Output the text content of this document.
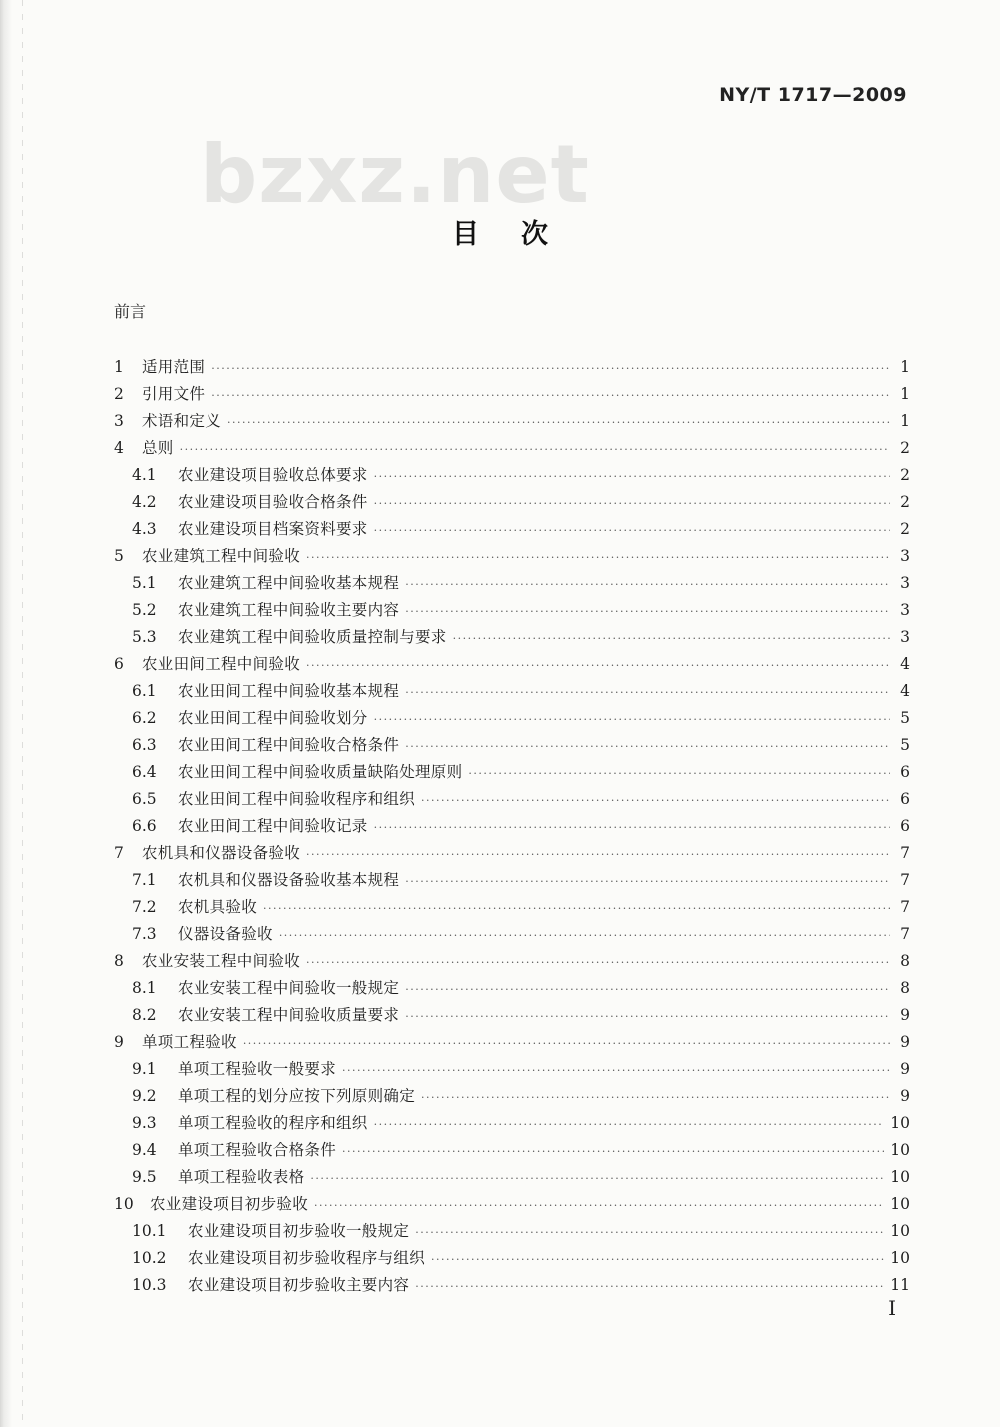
NY/T 1717—2009
bzxz.net
目次
前言
1	适用范围 ·····	1
2	引用文件 ·····	1
3	术语和定义 ·····	1
4	总则 ·····	2
4.1	农业建设项目验收总体要求 ·····	2
4.2	农业建设项目验收合格条件 ·····	2
4.3	农业建设项目档案资料要求 ·····	2
5	农业建筑工程中间验收 ·····	3
5.1	农业建筑工程中间验收基本规程 ·····	3
5.2	农业建筑工程中间验收主要内容 ·····	3
5.3	农业建筑工程中间验收质量控制与要求 ·····	3
6	农业田间工程中间验收 ·····	4
6.1	农业田间工程中间验收基本规程 ·····	4
6.2	农业田间工程中间验收划分 ·····	5
6.3	农业田间工程中间验收合格条件 ·····	5
6.4	农业田间工程中间验收质量缺陷处理原则 ·····	6
6.5	农业田间工程中间验收程序和组织 ·····	6
6.6	农业田间工程中间验收记录 ·····	6
7	农机具和仪器设备验收 ·····	7
7.1	农机具和仪器设备验收基本规程 ·····	7
7.2	农机具验收 ·····	7
7.3	仪器设备验收 ·····	7
8	农业安装工程中间验收 ·····	8
8.1	农业安装工程中间验收一般规定 ·····	8
8.2	农业安装工程中间验收质量要求 ·····	9
9	单项工程验收 ·····	9
9.1	单项工程验收一般要求 ·····	9
9.2	单项工程的划分应按下列原则确定 ·····	9
9.3	单项工程验收的程序和组织 ·····	10
9.4	单项工程验收合格条件 ·····	10
9.5	单项工程验收表格 ·····	10
10	农业建设项目初步验收 ·····	10
10.1	农业建设项目初步验收一般规定 ·····	10
10.2	农业建设项目初步验收程序与组织 ·····	10
10.3	农业建设项目初步验收主要内容 ·····	11
I
